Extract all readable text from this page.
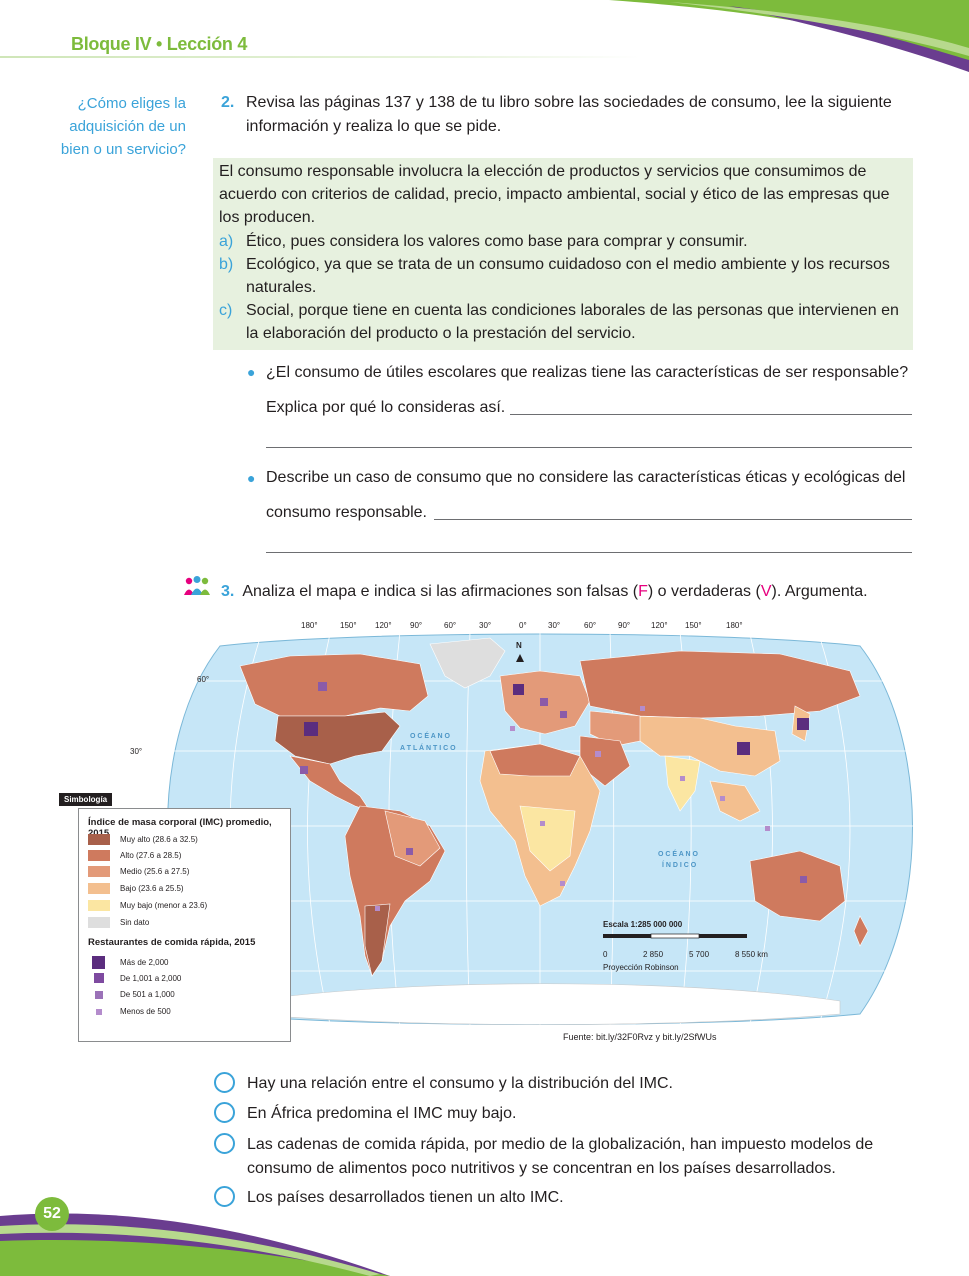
Bloque IV • Lección 4
¿Cómo eliges la adquisición de un bien o un servicio?
2. Revisa las páginas 137 y 138 de tu libro sobre las sociedades de consumo, lee la siguiente información y realiza lo que se pide.
El consumo responsable involucra la elección de productos y servicios que consumimos de acuerdo con criterios de calidad, precio, impacto ambiental, social y ético de las empresas que los producen.
a) Ético, pues considera los valores como base para comprar y consumir.
b) Ecológico, ya que se trata de un consumo cuidadoso con el medio ambiente y los recursos naturales.
c) Social, porque tiene en cuenta las condiciones laborales de las personas que intervienen en la elaboración del producto o la prestación del servicio.
● ¿El consumo de útiles escolares que realizas tiene las características de ser responsable?
Explica por qué lo consideras así.
● Describe un caso de consumo que no considere las características éticas y ecológicas del
consumo responsable.
3. Analiza el mapa e indica si las afirmaciones son falsas (F) o verdaderas (V). Argumenta.
180°	150° 120° 90°	60°	30°	0°	30°	60°	90°	120° 150°	180°
60°
30°
N
O C É A N O
A T L Á N T I C O
O C É A N O
Í N D I C O
Escala 1:285 000 000
0	2 850	5 700	8 550 km
Proyección Robinson
Índice de masa corporal (IMC) promedio,
Muy alto (28.6 a 32.5)
Alto (27.6 a 28.5)
Medio (25.6 a 27.5)
Bajo (23.6 a 25.5)
Muy bajo (menor a 23.6)
Sin dato
Restaurantes de comida rápida, 2015
Más de 2,000
De 1,001 a 2,000
De 501 a 1,000
Menos de 500
Simbología
Fuente: bit.ly/32F0Rvz y bit.ly/2SfWUs
Hay una relación entre el consumo y la distribución del IMC.
En África predomina el IMC muy bajo.
Las cadenas de comida rápida, por medio de la globalización, han impuesto modelos de consumo de alimentos poco nutritivos y se concentran en los países desarrollados.
Los países desarrollados tienen un alto IMC.
52
